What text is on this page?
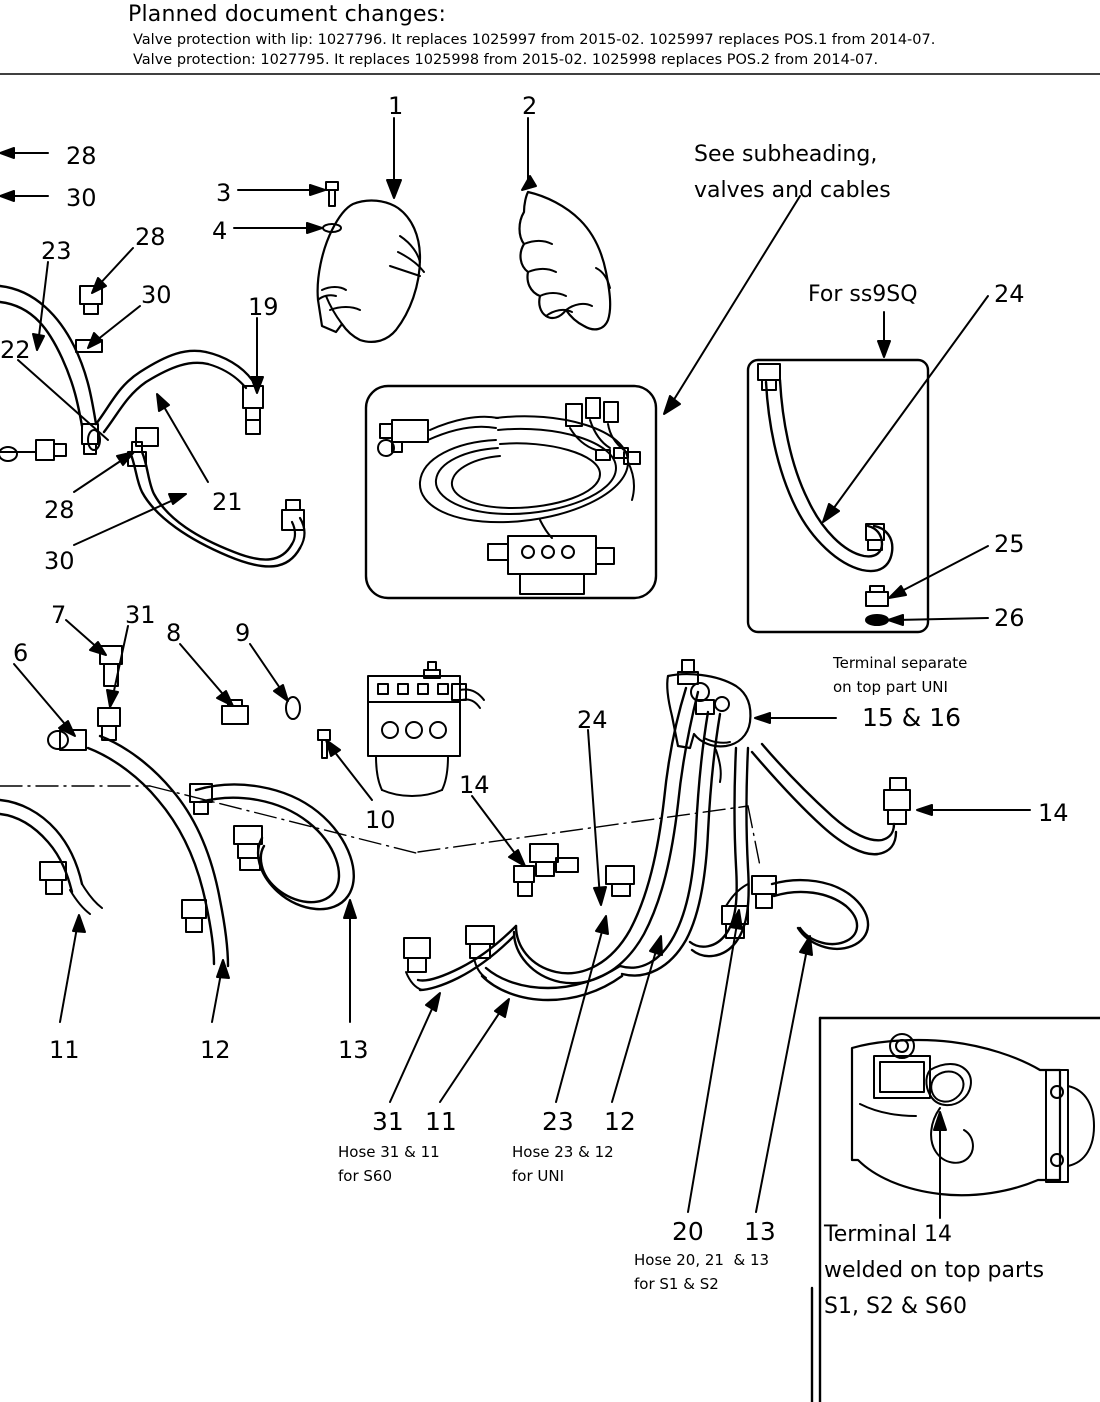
Planned document changes:
Valve protection with lip: 1027796. It replaces 1025997 from 2015-02. 1025997 replaces POS.1 from 2014-07.
Valve protection: 1027795. It replaces 1025998 from 2015-02. 1025998 replaces POS.2 from 2014-07.
See subheading,
valves and cables
For ss9SQ
Terminal separate
on top part UNI
15 & 16
31 11
Hose 31 & 11
for S60
23 12
Hose 23 & 12
for UNI
20 13
Hose 20, 21  & 13
for S1 & S2
Terminal 14
welded on top parts
S1, S2 & S60
28
30
23	28
30
22
19
21
28
30
1	2
3
4
24
25
26
7 31
8 9
6
10
14
24
14
11	12	13
